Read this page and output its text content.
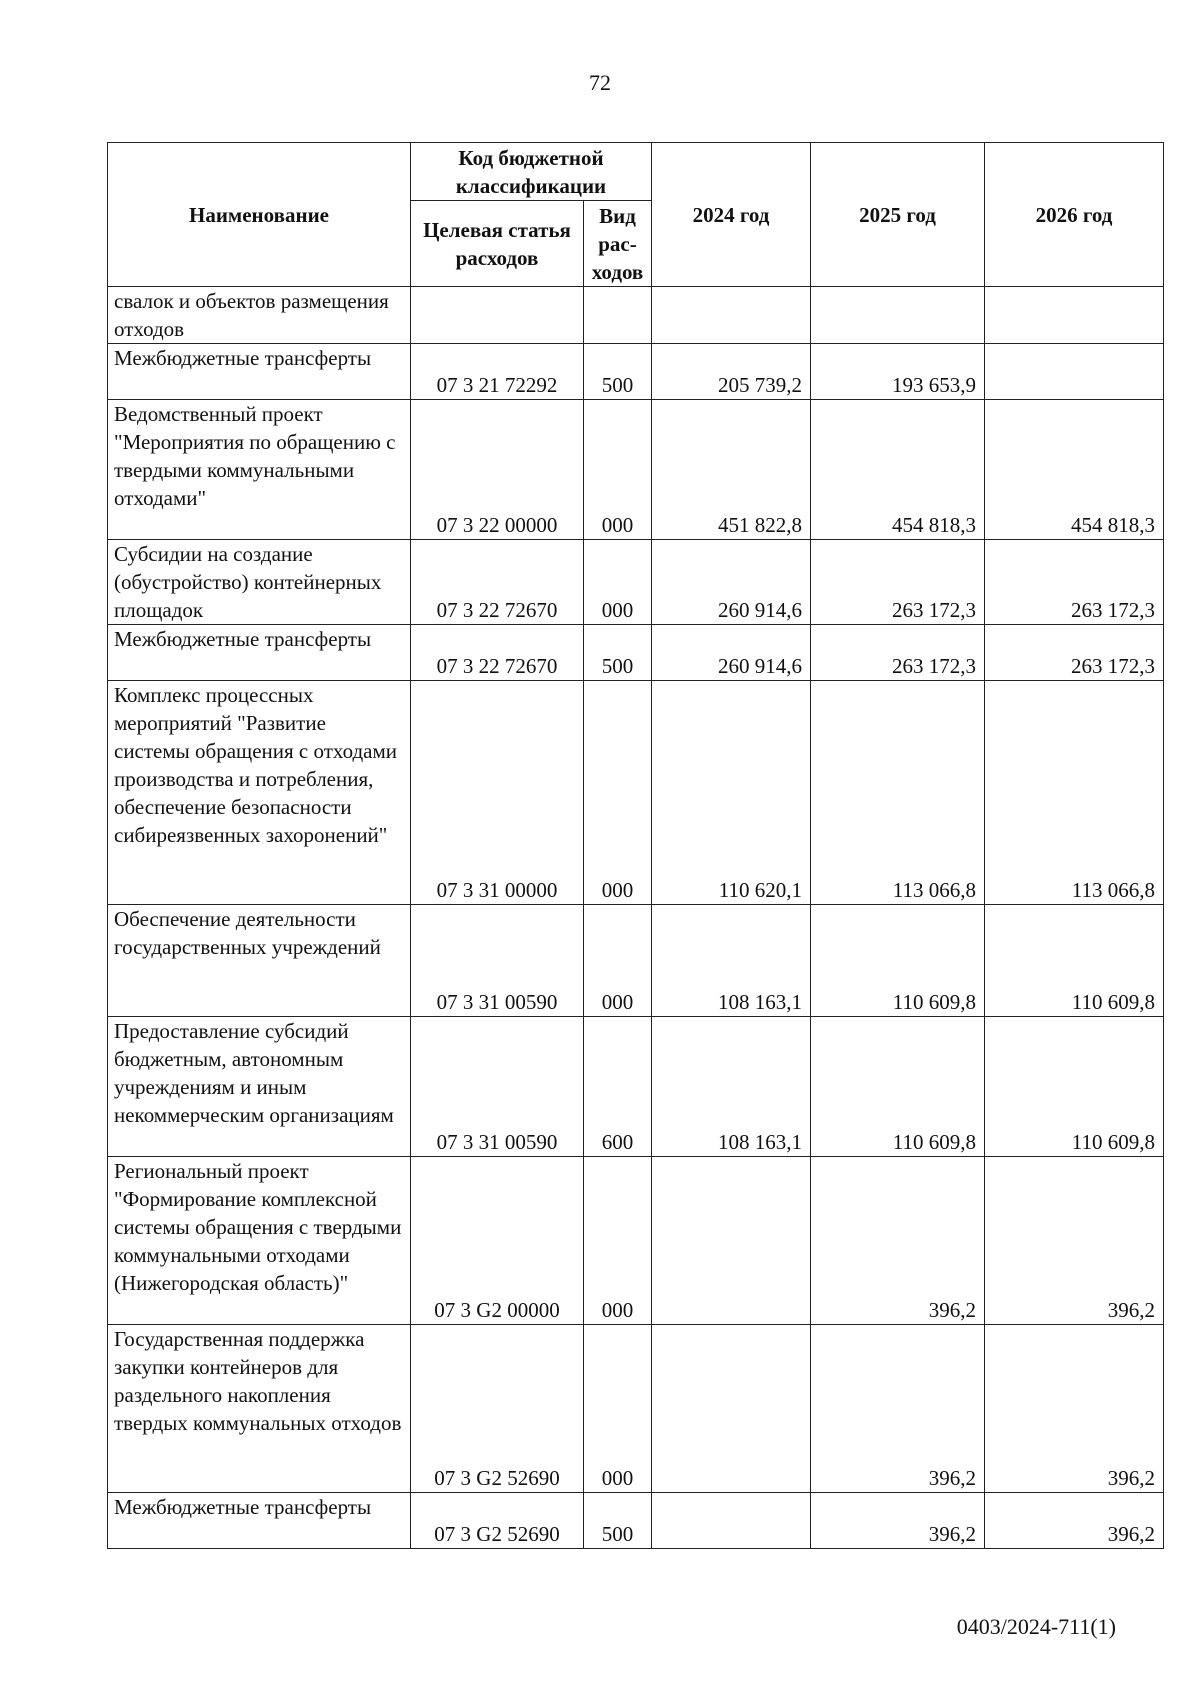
72
Наименование	Код бюджетной классификации		2024 год	2025 год	2026 год
	Целевая статья расходов	Вид рас-ходов			
свалок и объектов размещения отходов					
Межбюджетные трансферты	07 3 21 72292	500	205 739,2	193 653,9	
Ведомственный проект "Мероприятия по обращению с твердыми коммунальными отходами"	07 3 22 00000	000	451 822,8	454 818,3	454 818,3
Субсидии на создание (обустройство) контейнерных площадок	07 3 22 72670	000	260 914,6	263 172,3	263 172,3
Межбюджетные трансферты	07 3 22 72670	500	260 914,6	263 172,3	263 172,3
Комплекс процессных мероприятий "Развитие системы обращения с отходами производства и потребления, обеспечение безопасности сибиреязвенных захоронений"	07 3 31 00000	000	110 620,1	113 066,8	113 066,8
Обеспечение деятельности государственных учреждений	07 3 31 00590	000	108 163,1	110 609,8	110 609,8
Предоставление субсидий бюджетным, автономным учреждениям и иным некоммерческим организациям	07 3 31 00590	600	108 163,1	110 609,8	110 609,8
Региональный проект "Формирование комплексной системы обращения с твердыми коммунальными отходами (Нижегородская область)"	07 3 G2 00000	000		396,2	396,2
Государственная поддержка закупки контейнеров для раздельного накопления твердых коммунальных отходов	07 3 G2 52690	000		396,2	396,2
Межбюджетные трансферты	07 3 G2 52690	500		396,2	396,2
0403/2024-711(1)
